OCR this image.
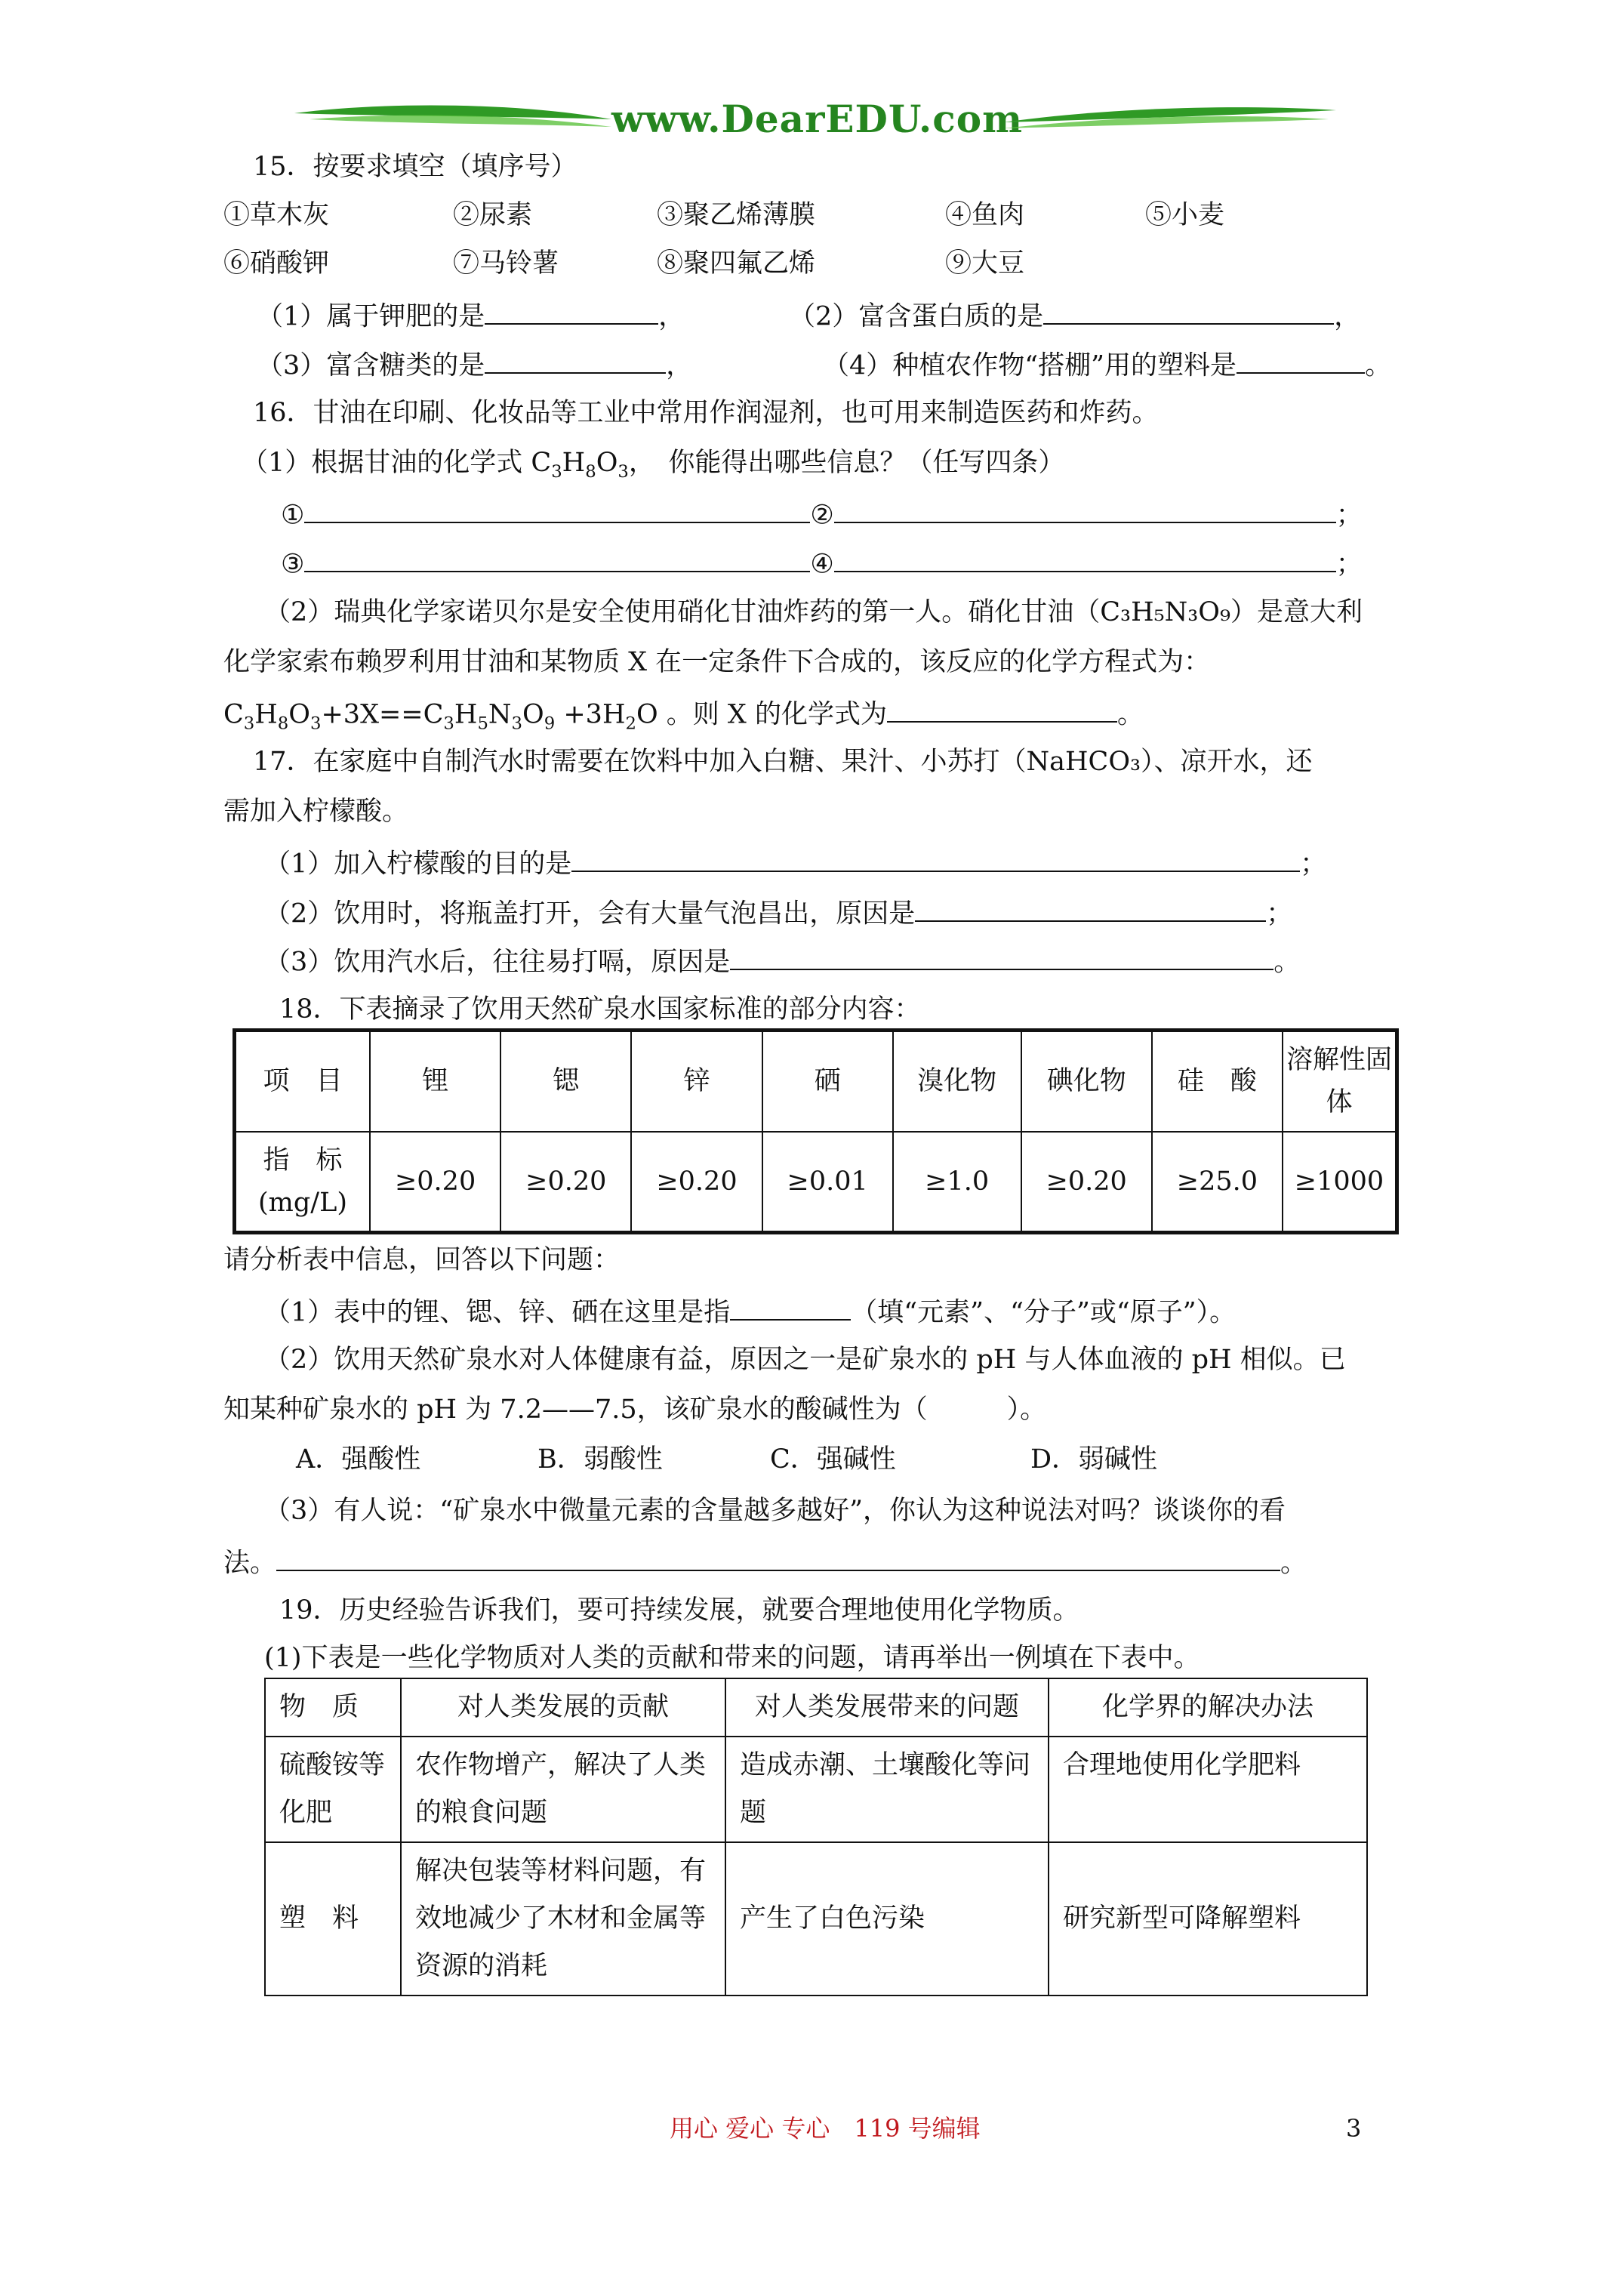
www.DearEDU.com
15．按要求填空（填序号）
①草木灰	②尿素	③聚乙烯薄膜	④鱼肉	⑤小麦
⑥硝酸钾	⑦马铃薯	⑧聚四氟乙烯	⑨大豆
（1）属于钾肥的是	，	（2）富含蛋白质的是	，
（3）富含糖类的是	，	（4）种植农作物“搭棚”用的塑料是	。
16．甘油在印刷、化妆品等工业中常用作润湿剂，也可用来制造医药和炸药。
（1）根据甘油的化学式 $C_3H_8O_3$，　你能得出哪些信息？（任写四条）
①	②	；
③	④	；
（2）瑞典化学家诺贝尔是安全使用硝化甘油炸药的第一人。硝化甘油（C₃H₅N₃O₉）是意大利
化学家索布赖罗利用甘油和某物质 X 在一定条件下合成的，该反应的化学方程式为：
$C_3H_8O_3+3X==C_3H_5N_3O_9 +3H_2O$ 。则 X 的化学式为	。
17．在家庭中自制汽水时需要在饮料中加入白糖、果汁、小苏打（NaHCO₃）、凉开水，还
需加入柠檬酸。
（1）加入柠檬酸的目的是	；
（2）饮用时，将瓶盖打开，会有大量气泡昌出，原因是	；
（3）饮用汽水后，往往易打嗝，原因是	。
18．下表摘录了饮用天然矿泉水国家标准的部分内容：
项　目	锂	锶	锌	硒	溴化物	碘化物	硅　酸	溶解性固体
指　标(mg/L)	≥0.20	≥0.20	≥0.20	≥0.01	≥1.0	≥0.20	≥25.0	≥1000
请分析表中信息，回答以下问题：
（1）表中的锂、锶、锌、硒在这里是指	（填“元素”、“分子”或“原子”）。
（2）饮用天然矿泉水对人体健康有益，原因之一是矿泉水的 pH 与人体血液的 pH 相似。已
知某种矿泉水的 pH 为 7.2——7.5，该矿泉水的酸碱性为（　　　）。
A．强酸性	B．弱酸性	C．强碱性	D．弱碱性
（3）有人说：“矿泉水中微量元素的含量越多越好”，你认为这种说法对吗？谈谈你的看
法。	。
19．历史经验告诉我们，要可持续发展，就要合理地使用化学物质。
(1)下表是一些化学物质对人类的贡献和带来的问题，请再举出一例填在下表中。
物　质	对人类发展的贡献	对人类发展带来的问题	化学界的解决办法
硫酸铵等化肥	农作物增产，解决了人类的粮食问题	造成赤潮、土壤酸化等问题	合理地使用化学肥料
塑　料	解决包装等材料问题，有效地减少了木材和金属等资源的消耗	产生了白色污染	研究新型可降解塑料
用心 爱心 专心　119 号编辑	3
